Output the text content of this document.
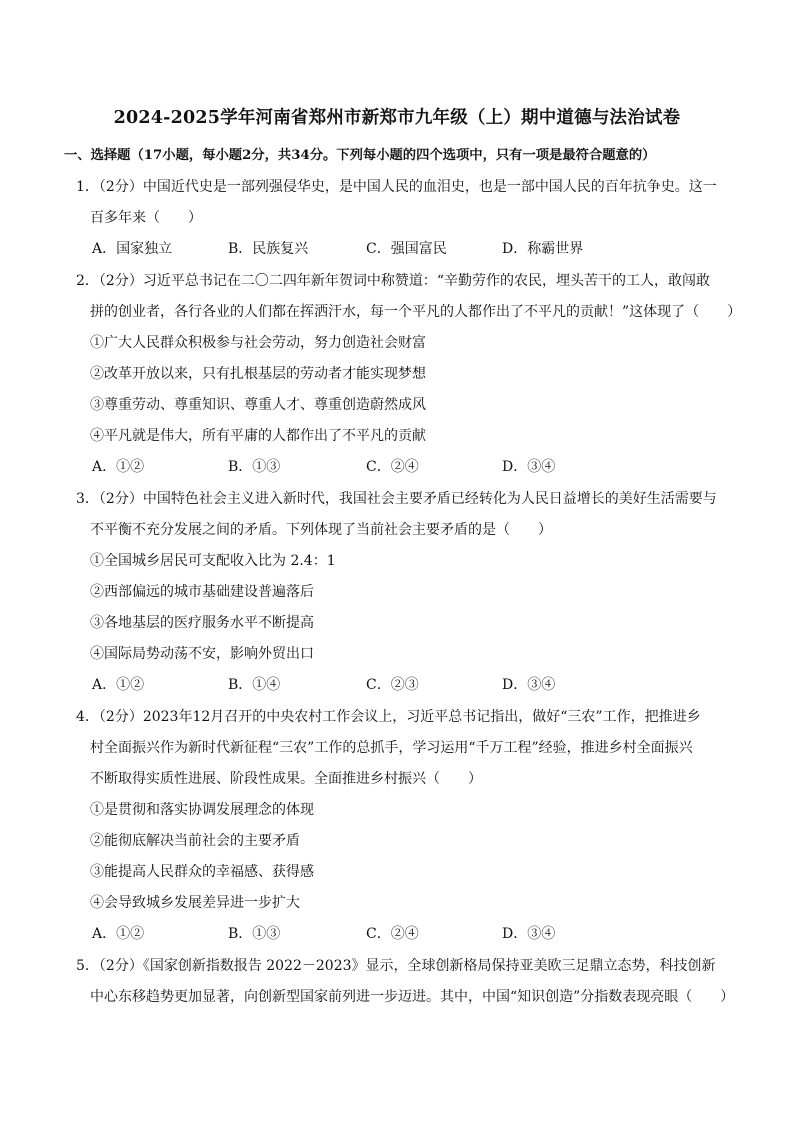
2024-2025学年河南省郑州市新郑市九年级（上）期中道德与法治试卷
一、选择题（17小题，每小题2分，共34分。下列每小题的四个选项中，只有一项是最符合题意的）
1．（2分）中国近代史是一部列强侵华史，是中国人民的血泪史，也是一部中国人民的百年抗争史。这一
百多年来（　　）
A．国家独立	B．民族复兴	C．强国富民	D．称霸世界
2．（2分）习近平总书记在二〇二四年新年贺词中称赞道：“辛勤劳作的农民，埋头苦干的工人，敢闯敢
拼的创业者，各行各业的人们都在挥洒汗水，每一个平凡的人都作出了不平凡的贡献！”这体现了（　　）
①广大人民群众积极参与社会劳动，努力创造社会财富
②改革开放以来，只有扎根基层的劳动者才能实现梦想
③尊重劳动、尊重知识、尊重人才、尊重创造蔚然成风
④平凡就是伟大，所有平庸的人都作出了不平凡的贡献
A．①②	B．①③	C．②④	D．③④
3．（2分）中国特色社会主义进入新时代，我国社会主要矛盾已经转化为人民日益增长的美好生活需要与
不平衡不充分发展之间的矛盾。下列体现了当前社会主要矛盾的是（　　）
①全国城乡居民可支配收入比为 2.4：1
②西部偏远的城市基础建设普遍落后
③各地基层的医疗服务水平不断提高
④国际局势动荡不安，影响外贸出口
A．①②	B．①④	C．②③	D．③④
4．（2分）2023年12月召开的中央农村工作会议上，习近平总书记指出，做好“三农”工作，把推进乡
村全面振兴作为新时代新征程“三农”工作的总抓手，学习运用“千万工程”经验，推进乡村全面振兴
不断取得实质性进展、阶段性成果。全面推进乡村振兴（　　）
①是贯彻和落实协调发展理念的体现
②能彻底解决当前社会的主要矛盾
③能提高人民群众的幸福感、获得感
④会导致城乡发展差异进一步扩大
A．①②	B．①③	C．②④	D．③④
5．（2分）《国家创新指数报告 2022－2023》显示，全球创新格局保持亚美欧三足鼎立态势，科技创新
中心东移趋势更加显著，向创新型国家前列进一步迈进。其中，中国“知识创造”分指数表现亮眼（　　）
